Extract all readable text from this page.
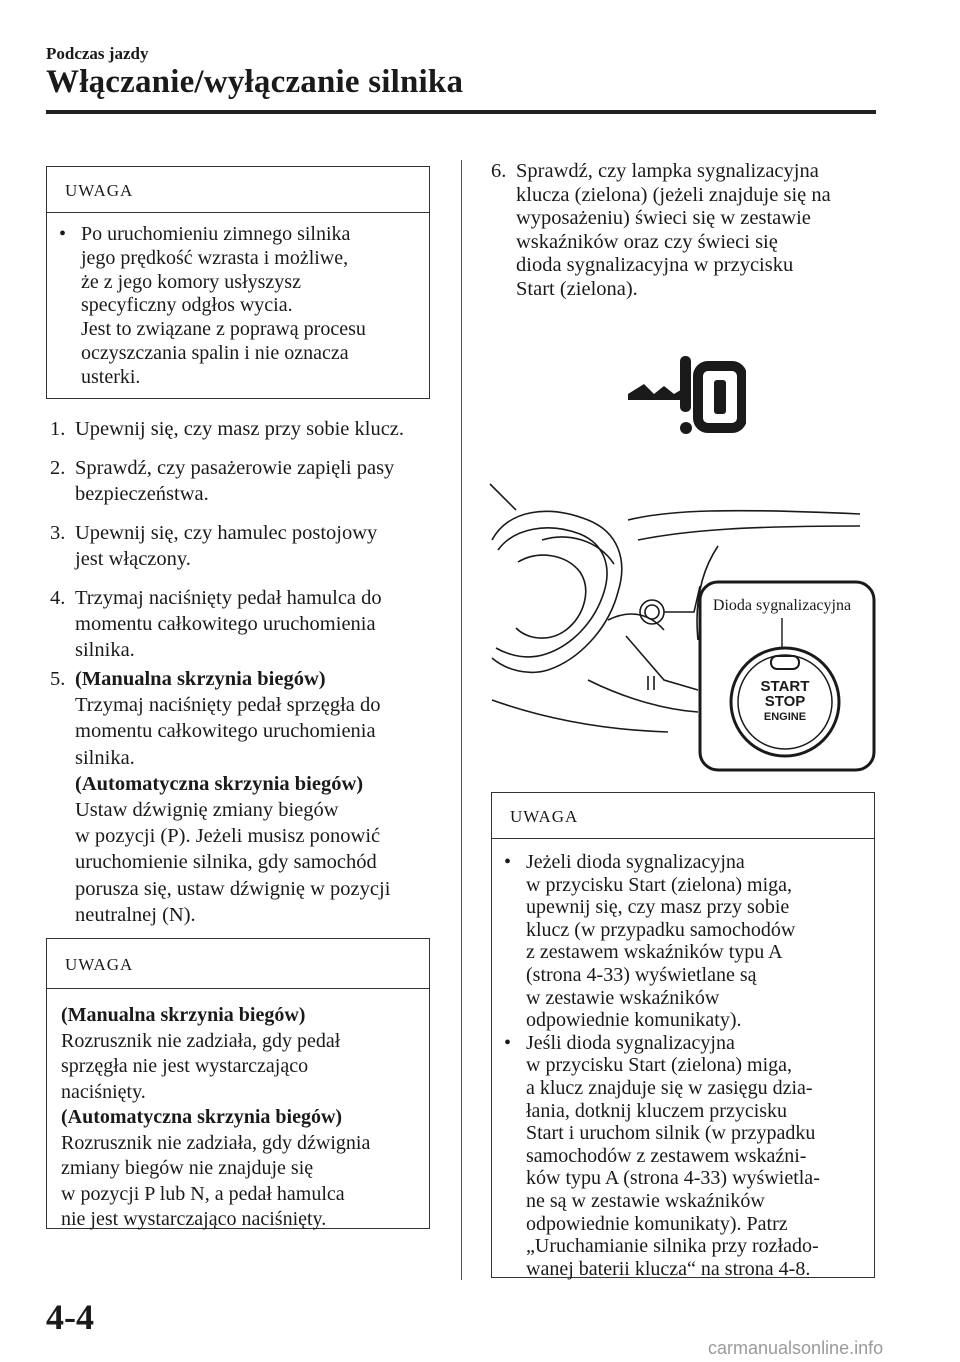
Podczas jazdy
Włączanie/wyłączanie silnika
UWAGA
• Po uruchomieniu zimnego silnika
jego prędkość wzrasta i możliwe,
że z jego komory usłyszysz
specyficzny odgłos wycia.
Jest to związane z poprawą procesu
oczyszczania spalin i nie oznacza
usterki.
1. Upewnij się, czy masz przy sobie klucz.
2. Sprawdź, czy pasażerowie zapięli pasy
bezpieczeństwa.
3. Upewnij się, czy hamulec postojowy
jest włączony.
4. Trzymaj naciśnięty pedał hamulca do
momentu całkowitego uruchomienia
silnika.
5. (Manualna skrzynia biegów)
Trzymaj naciśnięty pedał sprzęgła do
momentu całkowitego uruchomienia
silnika.
(Automatyczna skrzynia biegów)
Ustaw dźwignię zmiany biegów
w pozycji (P). Jeżeli musisz ponowić
uruchomienie silnika, gdy samochód
porusza się, ustaw dźwignię w pozycji
neutralnej (N).
UWAGA
(Manualna skrzynia biegów)
Rozrusznik nie zadziała, gdy pedał
sprzęgła nie jest wystarczająco
naciśnięty.
(Automatyczna skrzynia biegów)
Rozrusznik nie zadziała, gdy dźwignia
zmiany biegów nie znajduje się
w pozycji P lub N, a pedał hamulca
nie jest wystarczająco naciśnięty.
6. Sprawdź, czy lampka sygnalizacyjna
klucza (zielona) (jeżeli znajduje się na
wyposażeniu) świeci się w zestawie
wskaźników oraz czy świeci się
dioda sygnalizacyjna w przycisku
Start (zielona).
START
STOP
ENGINE
Dioda sygnalizacyjna
UWAGA
• Jeżeli dioda sygnalizacyjna
w przycisku Start (zielona) miga,
upewnij się, czy masz przy sobie
klucz (w przypadku samochodów
z zestawem wskaźników typu A
(strona 4-33) wyświetlane są
w zestawie wskaźników
odpowiednie komunikaty).
• Jeśli dioda sygnalizacyjna
w przycisku Start (zielona) miga,
a klucz znajduje się w zasięgu dzia-
łania, dotknij kluczem przycisku
Start i uruchom silnik (w przypadku
samochodów z zestawem wskaźni-
ków typu A (strona 4-33) wyświetla-
ne są w zestawie wskaźników
odpowiednie komunikaty). Patrz
„Uruchamianie silnika przy rozłado-
wanej baterii klucza“ na strona 4-8.
4-4
carmanualsonline.info
